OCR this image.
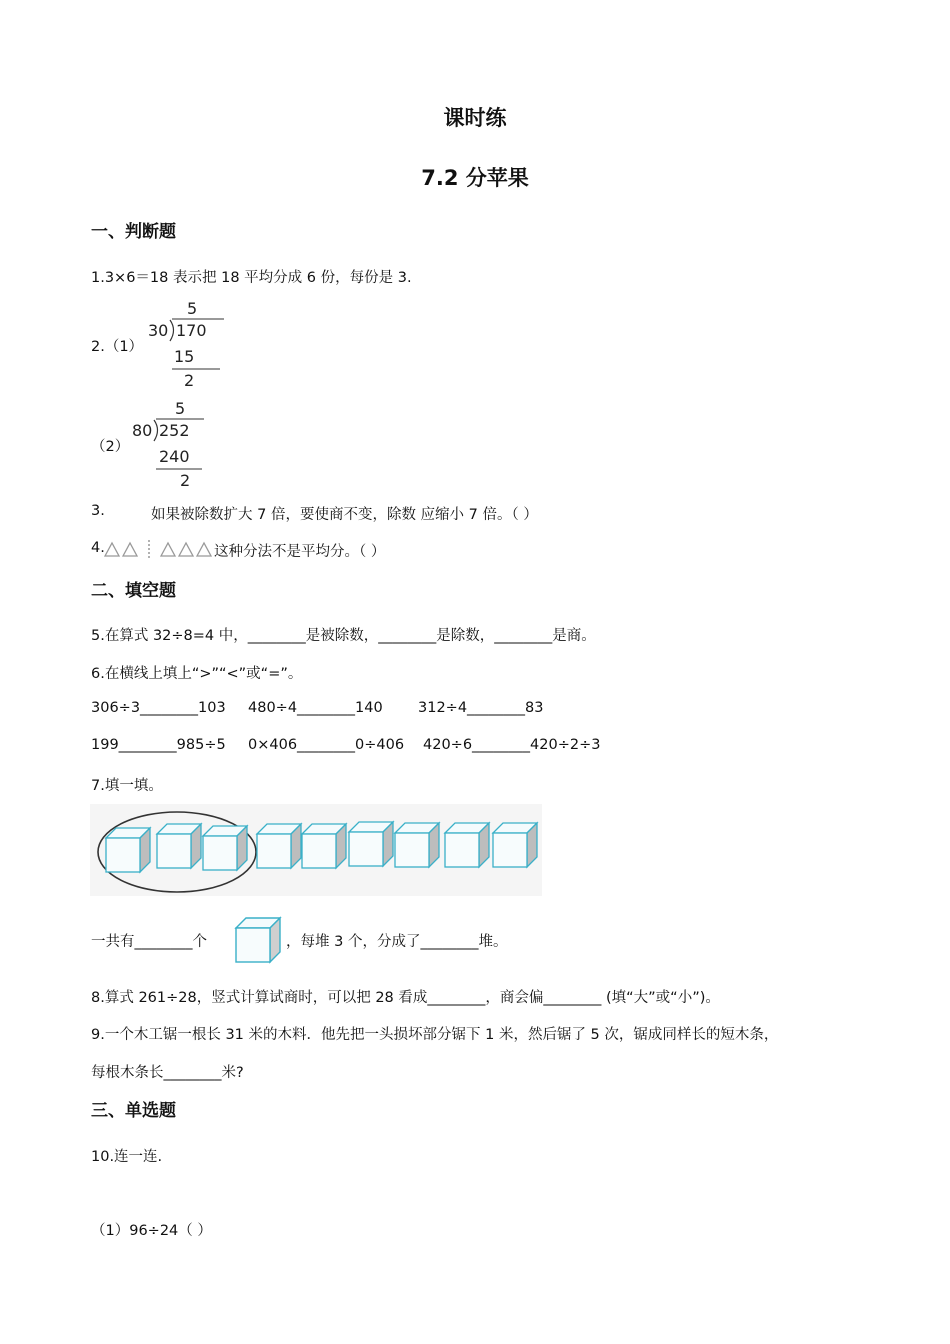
课时练
7.2 分苹果
一、判断题
1.3×6＝18 表示把 18 平均分成 6 份，每份是 3.
2.（1）
5
30 170
15
2
（2）
5
80 252
240
2
3.	如果被除数扩大 7 倍，要使商不变，除数 应缩小 7 倍。（ ）
4.	这种分法不是平均分。（ ）
二、填空题
5.在算式 32÷8=4 中，________是被除数，________是除数，________是商。
6.在横线上填上“>”“<”或“=”。
306÷3________103 480÷4________140 312÷4________83
199________985÷5 0×406________0÷406 420÷6________420÷2÷3
7.填一填。
一共有________个	，每堆 3 个，分成了________堆。
8.算式 261÷28，竖式计算试商时，可以把 28 看成________，商会偏________ (填“大”或“小”)。
9.一个木工锯一根长 31 米的木料．他先把一头损坏部分锯下 1 米，然后锯了 5 次，锯成同样长的短木条，
每根木条长________米?
三、单选题
10.连一连.
（1）96÷24（ ）
